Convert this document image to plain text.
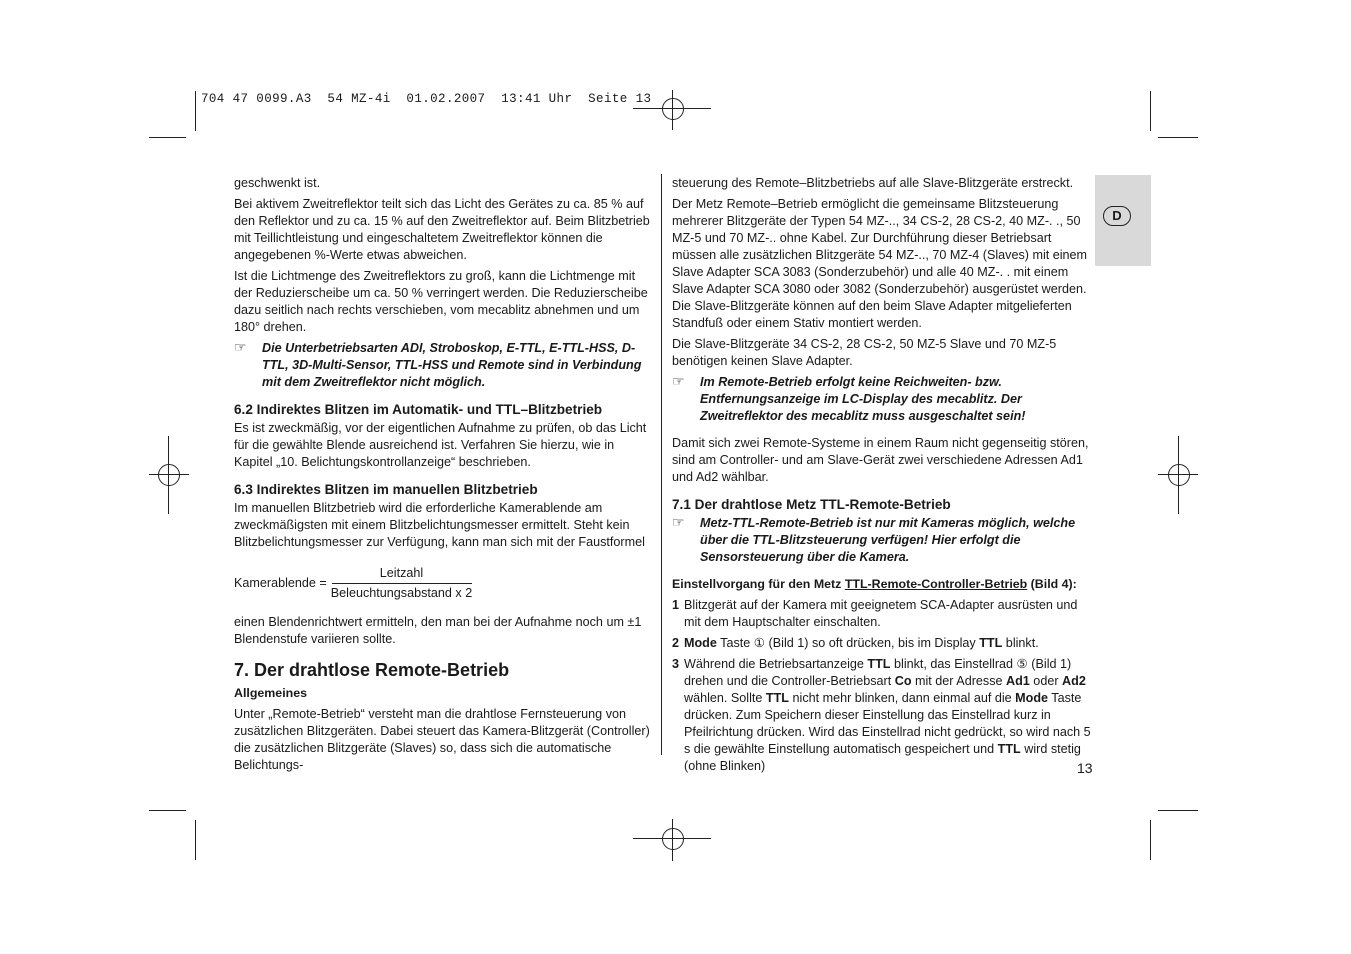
704 47 0099.A3  54 MZ-4i  01.02.2007  13:41 Uhr  Seite 13
D

geschwenkt ist.

Bei aktivem Zweitreflektor teilt sich das Licht des Gerätes zu ca. 85 % auf den Reflektor und zu ca. 15 % auf den Zweitreflektor auf. Beim Blitzbetrieb mit Teillichtleistung und eingeschaltetem Zweitreflektor können die angegebenen %-Werte etwas abweichen.

Ist die Lichtmenge des Zweitreflektors zu groß, kann die Lichtmenge mit der Reduzierscheibe um ca. 50 % verringert werden. Die Reduzierscheibe dazu seitlich nach rechts verschieben, vom mecablitz abnehmen und um 180° drehen.

☞ Die Unterbetriebsarten ADI, Stroboskop, E-TTL, E-TTL-HSS, D-TTL, 3D-Multi-Sensor, TTL-HSS und Remote sind in Verbindung mit dem Zweitreflektor nicht möglich.
6.2 Indirektes Blitzen im Automatik- und TTL–Blitzbetrieb

Es ist zweckmäßig, vor der eigentlichen Aufnahme zu prüfen, ob das Licht für die gewählte Blende ausreichend ist. Verfahren Sie hierzu, wie in Kapitel „10. Belichtungskontrollanzeige“ beschrieben.

6.3 Indirektes Blitzen im manuellen Blitzbetrieb

Im manuellen Blitzbetrieb wird die erforderliche Kamerablende am zweckmäßigsten mit einem Blitzbelichtungsmesser ermittelt. Steht kein Blitzbelichtungsmesser zur Verfügung, kann man sich mit der Faustformel

Kamerablende = $\frac{\text{Leitzahl}}{\text{Beleuchtungsabstand x 2}}$

einen Blendenrichtwert ermitteln, den man bei der Aufnahme noch um ±1 Blendenstufe variieren sollte.

7. Der drahtlose Remote-Betrieb
Allgemeines

Unter „Remote-Betrieb“ versteht man die drahtlose Fernsteuerung von zusätzlichen Blitzgeräten. Dabei steuert das Kamera-Blitzgerät (Controller) die zusätzlichen Blitzgeräte (Slaves) so, dass sich die automatische Belichtungs-

steuerung des Remote–Blitzbetriebs auf alle Slave-Blitzgeräte erstreckt.

Der Metz Remote–Betrieb ermöglicht die gemeinsame Blitzsteuerung mehrerer Blitzgeräte der Typen 54 MZ-.., 34 CS-2, 28 CS-2, 40 MZ-. ., 50 MZ-5 und 70 MZ-.. ohne Kabel. Zur Durchführung dieser Betriebsart müssen alle zusätzlichen Blitzgeräte 54 MZ-.., 70 MZ-4 (Slaves) mit einem Slave Adapter SCA 3083 (Sonderzubehör) und alle 40 MZ-. . mit einem Slave Adapter SCA 3080 oder 3082 (Sonderzubehör) ausgerüstet werden. Die Slave-Blitzgeräte können auf den beim Slave Adapter mitgelieferten Standfuß oder einem Stativ montiert werden.

Die Slave-Blitzgeräte 34 CS-2, 28 CS-2, 50 MZ-5 Slave und 70 MZ-5 benötigen keinen Slave Adapter.

☞ Im Remote-Betrieb erfolgt keine Reichweiten- bzw. Entfernungsanzeige im LC-Display des mecablitz. Der Zweitreflektor des mecablitz muss ausgeschaltet sein!

Damit sich zwei Remote-Systeme in einem Raum nicht gegenseitig stören, sind am Controller- und am Slave-Gerät zwei verschiedene Adressen Ad1 und Ad2 wählbar.

7.1 Der drahtlose Metz TTL-Remote-Betrieb
☞ Metz-TTL-Remote-Betrieb ist nur mit Kameras möglich, welche über die TTL-Blitzsteuerung verfügen! Hier erfolgt die Sensorsteuerung über die Kamera.
Einstellvorgang für den Metz TTL-Remote-Controller-Betrieb (Bild 4):
1 Blitzgerät auf der Kamera mit geeignetem SCA-Adapter ausrüsten und mit dem Hauptschalter einschalten.
2 Mode Taste ① (Bild 1) so oft drücken, bis im Display TTL blinkt.
3 Während die Betriebsartanzeige TTL blinkt, das Einstellrad ⑤ (Bild 1) drehen und die Controller-Betriebsart Co mit der Adresse Ad1 oder Ad2 wählen. Sollte TTL nicht mehr blinken, dann einmal auf die Mode Taste drücken. Zum Speichern dieser Einstellung das Einstellrad kurz in Pfeilrichtung drücken. Wird das Einstellrad nicht gedrückt, so wird nach 5 s die gewählte Einstellung automatisch gespeichert und TTL wird stetig (ohne Blinken)	13
